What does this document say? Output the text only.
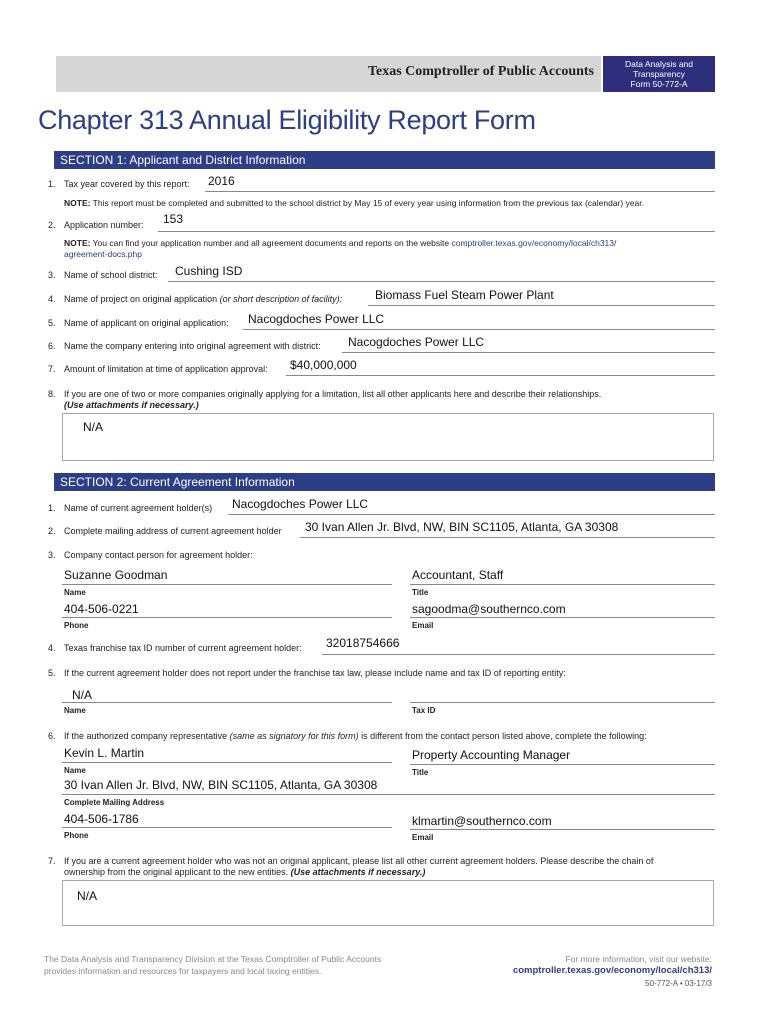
Texas Comptroller of Public Accounts	Data Analysis and
Transparency
Form 50-772-A
Chapter 313 Annual Eligibility Report Form
SECTION 1: Applicant and District Information
1. Tax year covered by this report: 2016
NOTE: This report must be completed and submitted to the school district by May 15 of every year using information from the previous tax (calendar) year.
2. Application number: 153
NOTE: You can find your application number and all agreement documents and reports on the website comptroller.texas.gov/economy/local/ch313/
agreement-docs.php
3. Name of school district: Cushing ISD
4. Name of project on original application (or short description of facility):	Biomass Fuel Steam Power Plant
5. Name of applicant on original application: Nacogdoches Power LLC
6. Name the company entering into original agreement with district: Nacogdoches Power LLC
7. Amount of limitation at time of application approval: $40,000,000
8. If you are one of two or more companies originally applying for a limitation, list all other applicants here and describe their relationships.
(Use attachments if necessary.)
N/A
SECTION 2: Current Agreement Information
1. Name of current agreement holder(s) Nacogdoches Power LLC
2. Complete mailing address of current agreement holder 30 Ivan Allen Jr. Blvd, NW, BIN SC1105, Atlanta, GA 30308
3. Company contact person for agreement holder:
Suzanne Goodman
Name
Accountant, Staff
Title
404-506-0221
Phone
sagoodma@southernco.com
Email
4. Texas franchise tax ID number of current agreement holder: 32018754666
5. If the current agreement holder does not report under the franchise tax law, please include name and tax ID of reporting entity:
N/A
Name	Tax ID
6. If the authorized company representative (same as signatory for this form) is different from the contact person listed above, complete the following:
Kevin L. Martin
Name
Property Accounting Manager
Title
30 Ivan Allen Jr. Blvd, NW, BIN SC1105, Atlanta, GA 30308
Complete Mailing Address
404-506-1786
Phone
klmartin@southernco.com
Email
7. If you are a current agreement holder who was not an original applicant, please list all other current agreement holders. Please describe the chain of
ownership from the original applicant to the new entities. (Use attachments if necessary.)
N/A
The Data Analysis and Transparency Division at the Texas Comptroller of Public Accounts
provides information and resources for taxpayers and local taxing entities.
For more information, visit our website:
comptroller.texas.gov/economy/local/ch313/
50-772-A • 03-17/3
